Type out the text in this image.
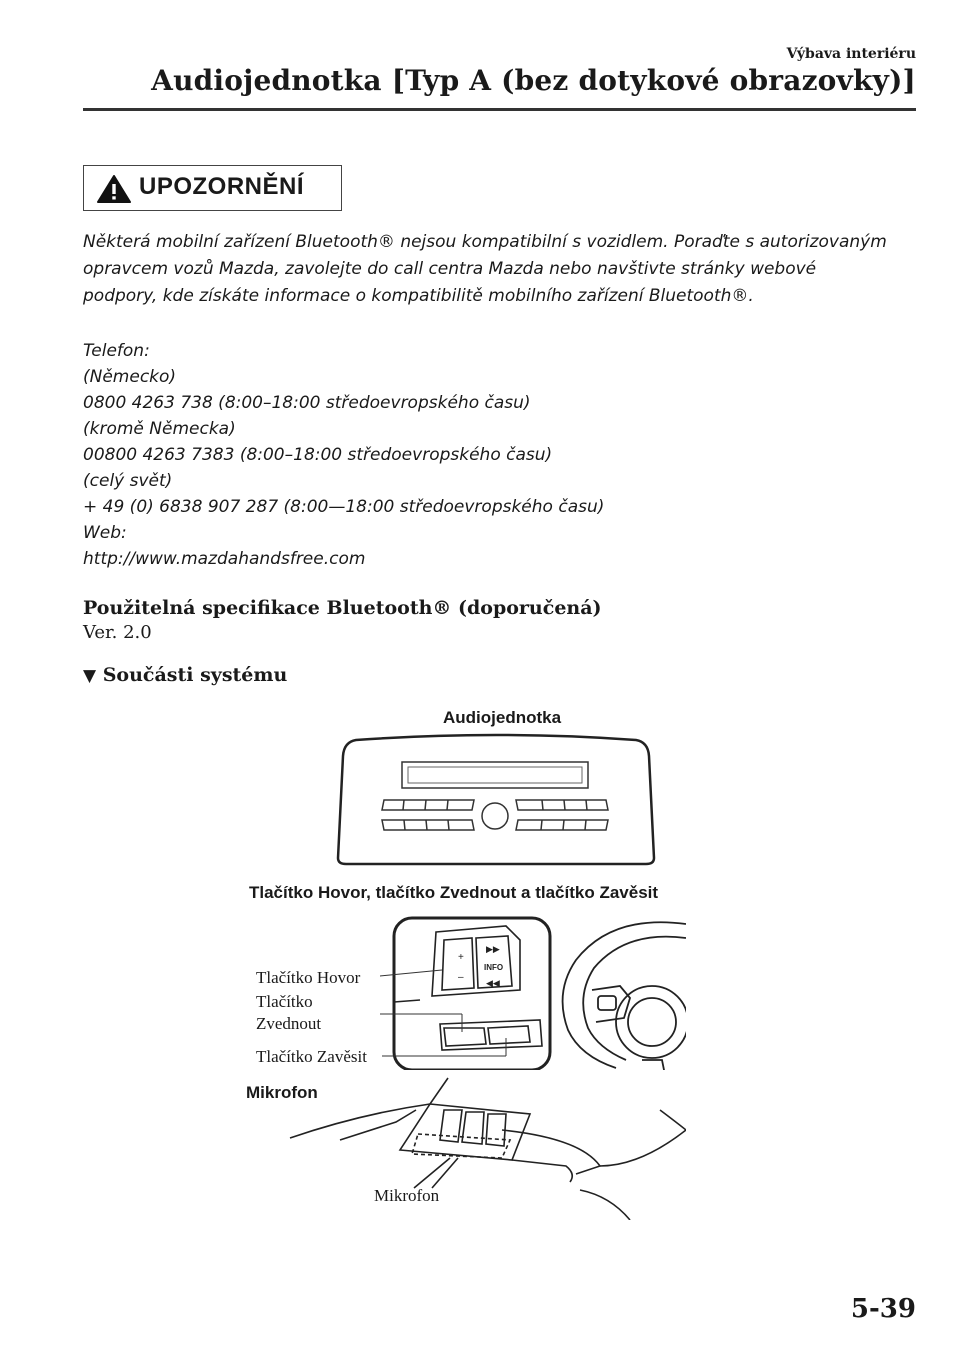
Výbava interiéru
Audiojednotka [Typ A (bez dotykové obrazovky)]
UPOZORNĚNÍ
Některá mobilní zařízení Bluetooth® nejsou kompatibilní s vozidlem. Poraďte s autorizovaným
opravcem vozů Mazda, zavolejte do call centra Mazda nebo navštivte stránky webové
podpory, kde získáte informace o kompatibilitě mobilního zařízení Bluetooth®.
Telefon:
(Německo)
0800 4263 738 (8:00–18:00 středoevropského času)
(kromě Německa)
00800 4263 7383 (8:00–18:00 středoevropského času)
(celý svět)
+ 49 (0) 6838 907 287 (8:00—18:00 středoevropského času)
Web:
http://www.mazdahandsfree.com
Použitelná specifikace Bluetooth® (doporučená)
Ver. 2.0
▼ Součásti systému
Audiojednotka
Tlačítko Hovor, tlačítko Zvednout a tlačítko Zavěsit
Mikrofon
Tlačítko Hovor
Tlačítko
Zvednout
Tlačítko Zavěsit
Mikrofon
+
–
▶▶
INFO
◀◀
5-39
